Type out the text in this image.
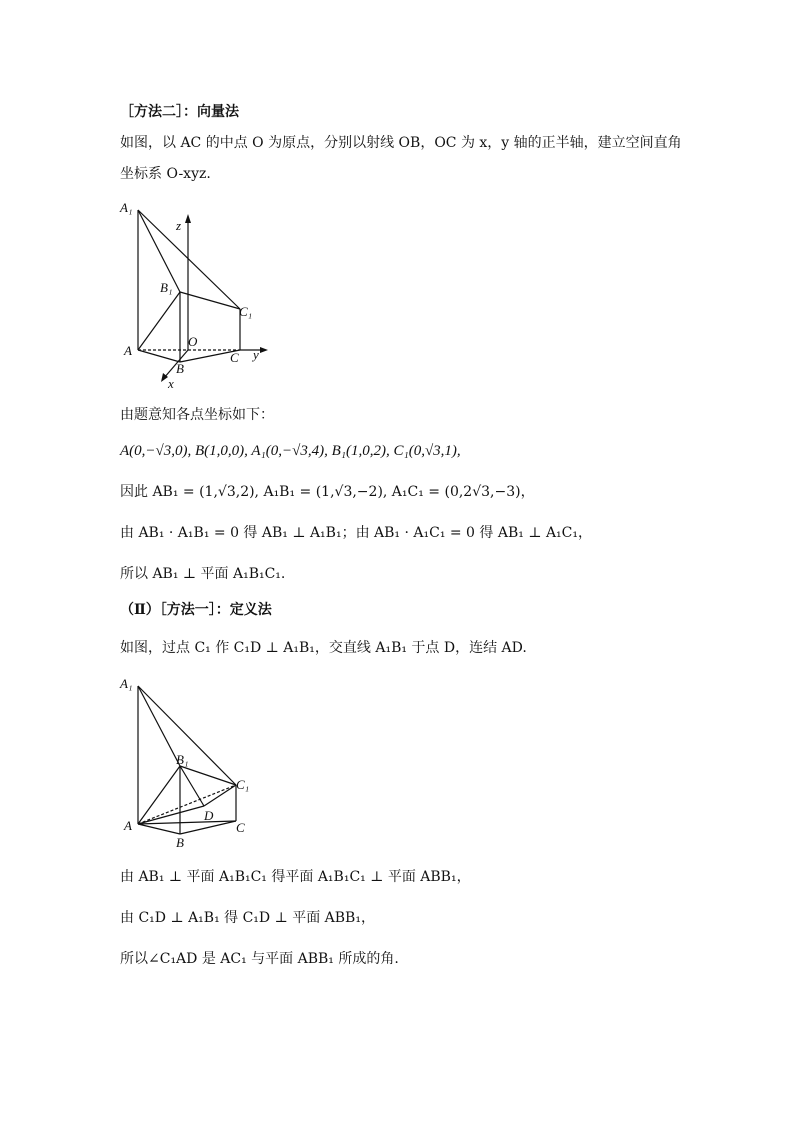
［方法二］：向量法
如图，以 AC 的中点 O 为原点，分别以射线 OB，OC 为 x，y 轴的正半轴，建立空间直角
坐标系 O-xyz.
A₁
z
B₁
C₁
A
O
C y
B
x
由题意知各点坐标如下：
A(0,−√3,0), B(1,0,0), A₁(0,−√3,4), B₁(1,0,2), C₁(0,√3,1),
因此 AB₁ = (1,√3,2), A₁B₁ = (1,√3,−2), A₁C₁ = (0,2√3,−3)，
由 AB₁ · A₁B₁ = 0 得 AB₁ ⊥ A₁B₁；由 AB₁ · A₁C₁ = 0 得 AB₁ ⊥ A₁C₁，
所以 AB₁ ⊥ 平面 A₁B₁C₁.
（Ⅱ）［方法一］：定义法
如图，过点 C₁ 作 C₁D ⊥ A₁B₁，交直线 A₁B₁ 于点 D，连结 AD.
A₁
B₁
C₁
A
D
C
B
由 AB₁ ⊥ 平面 A₁B₁C₁ 得平面 A₁B₁C₁ ⊥ 平面 ABB₁，
由 C₁D ⊥ A₁B₁ 得 C₁D ⊥ 平面 ABB₁，
所以∠C₁AD 是 AC₁ 与平面 ABB₁ 所成的角.
